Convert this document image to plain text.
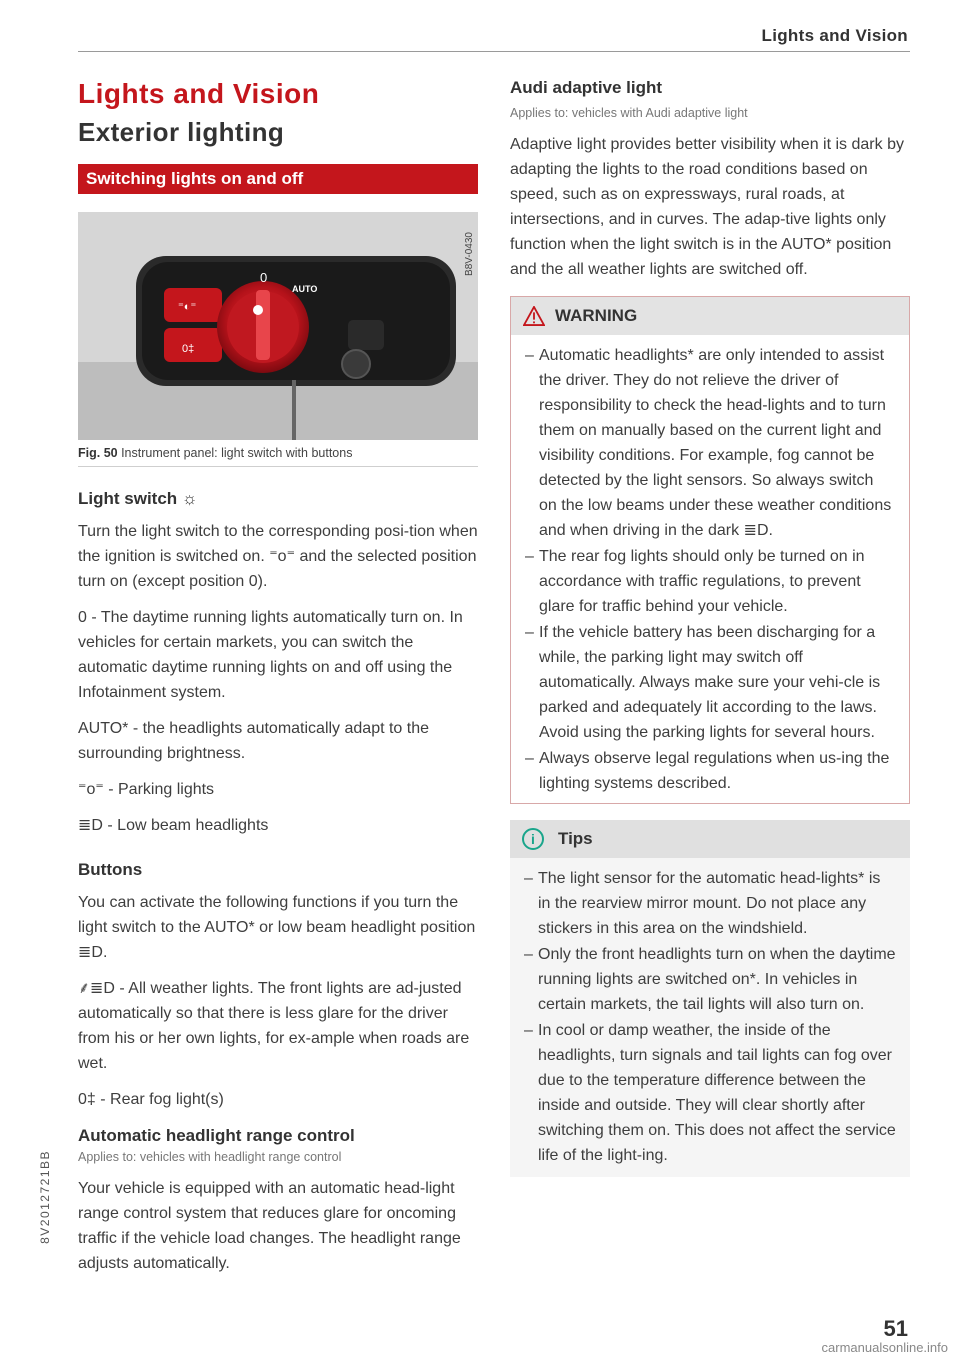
Lights and Vision
Lights and Vision
Exterior lighting
Switching lights on and off
0
AUTO
0‡
⁼◐⁼
B8V-0430
Fig. 50 Instrument panel: light switch with buttons
Light switch ☼

Turn the light switch to the corresponding posi-tion when the ignition is switched on. ⁼o⁼ and the selected position turn on (except position 0).

0 - The daytime running lights automatically turn on. In vehicles for certain markets, you can switch the automatic daytime running lights on and off using the Infotainment system.

AUTO* - the headlights automatically adapt to the surrounding brightness.

⁼o⁼ - Parking lights

≣D - Low beam headlights

Buttons

You can activate the following functions if you turn the light switch to the AUTO* or low beam headlight position ≣D.

⸙≣D - All weather lights. The front lights are ad-justed automatically so that there is less glare for the driver from his or her own lights, for ex-ample when roads are wet.

0‡ - Rear fog light(s)

Automatic headlight range control
Applies to: vehicles with headlight range control

Your vehicle is equipped with an automatic head-light range control system that reduces glare for oncoming traffic if the vehicle load changes. The headlight range adjusts automatically.

Audi adaptive light
Applies to: vehicles with Audi adaptive light

Adaptive light provides better visibility when it is dark by adapting the lights to the road conditions based on speed, such as on expressways, rural roads, at intersections, and in curves. The adap-tive lights only function when the light switch is in the AUTO* position and the all weather lights are switched off.

WARNING
– Automatic headlights* are only intended to assist the driver. They do not relieve the driver of responsibility to check the head-lights and to turn them on manually based on the current light and visibility conditions. For example, fog cannot be detected by the light sensors. So always switch on the low beams under these weather conditions and when driving in the dark ≣D.
– The rear fog lights should only be turned on in accordance with traffic regulations, to prevent glare for traffic behind your vehicle.
– If the vehicle battery has been discharging for a while, the parking light may switch off automatically. Always make sure your vehi-cle is parked and adequately lit according to the laws. Avoid using the parking lights for several hours.
– Always observe legal regulations when us-ing the lighting systems described.
i	Tips
– The light sensor for the automatic head-lights* is in the rearview mirror mount. Do not place any stickers in this area on the windshield.
– Only the front headlights turn on when the daytime running lights are switched on*. In vehicles in certain markets, the tail lights will also turn on.
– In cool or damp weather, the inside of the headlights, turn signals and tail lights can fog over due to the temperature difference between the inside and outside. They will clear shortly after switching them on. This does not affect the service life of the light-ing.
51
8V2012721BB
carmanualsonline.info
